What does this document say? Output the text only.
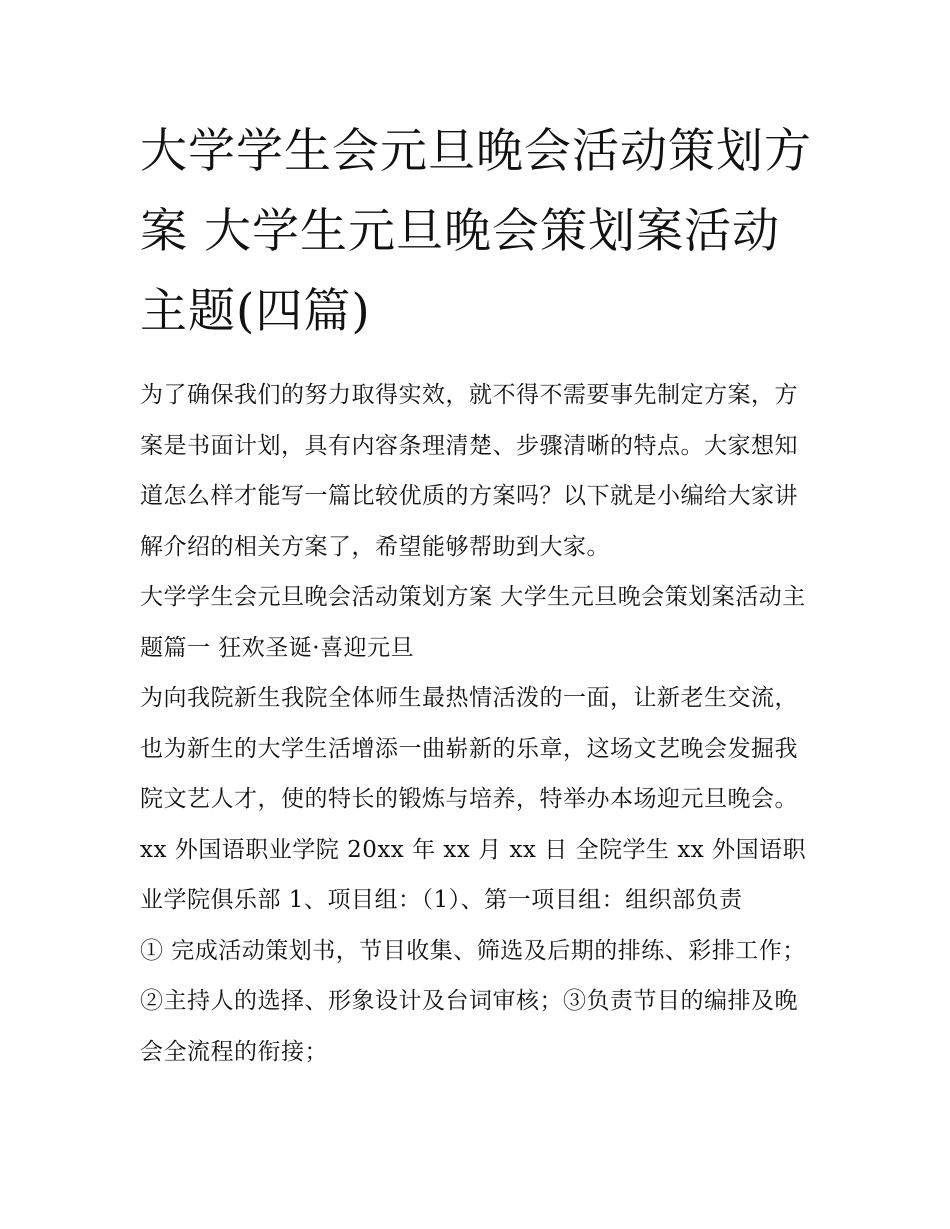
大学学生会元旦晚会活动策划方案 大学生元旦晚会策划案活动主题(四篇)

为了确保我们的努力取得实效，就不得不需要事先制定方案，方案是书面计划，具有内容条理清楚、步骤清晰的特点。大家想知道怎么样才能写一篇比较优质的方案吗？以下就是小编给大家讲解介绍的相关方案了，希望能够帮助到大家。

大学学生会元旦晚会活动策划方案 大学生元旦晚会策划案活动主题篇一 狂欢圣诞·喜迎元旦

为向我院新生我院全体师生最热情活泼的一面，让新老生交流，也为新生的大学生活增添一曲崭新的乐章，这场文艺晚会发掘我院文艺人才，使的特长的锻炼与培养，特举办本场迎元旦晚会。

xx 外国语职业学院 20xx 年 xx 月 xx 日 全院学生 xx 外国语职业学院俱乐部 1、项目组：（1）、第一项目组：组织部负责

① 完成活动策划书，节目收集、筛选及后期的排练、彩排工作；②主持人的选择、形象设计及台词审核；③负责节目的编排及晚会全流程的衔接；
